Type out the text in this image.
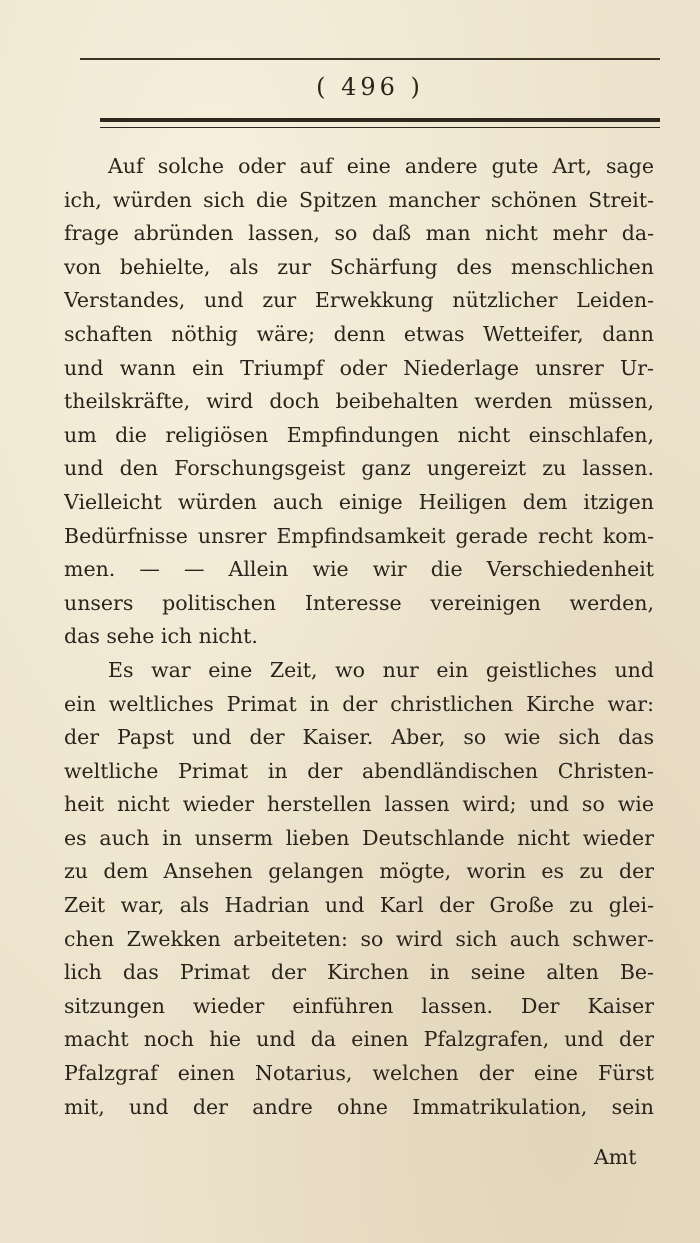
( 496 )
Auf solche oder auf eine andere gute Art, sage
ich, würden sich die Spitzen mancher schönen Streit-
frage abründen lassen, so daß man nicht mehr da-
von behielte, als zur Schärfung des menschlichen
Verstandes, und zur Erwekkung nützlicher Leiden-
schaften nöthig wäre; denn etwas Wetteifer, dann
und wann ein Triumpf oder Niederlage unsrer Ur-
theilskräfte, wird doch beibehalten werden müssen,
um die religiösen Empfindungen nicht einschlafen,
und den Forschungsgeist ganz ungereizt zu lassen.
Vielleicht würden auch einige Heiligen dem itzigen
Bedürfnisse unsrer Empfindsamkeit gerade recht kom-
men. — — Allein wie wir die Verschiedenheit
unsers politischen Interesse vereinigen werden,
das sehe ich nicht.
Es war eine Zeit, wo nur ein geistliches und
ein weltliches Primat in der christlichen Kirche war:
der Papst und der Kaiser. Aber, so wie sich das
weltliche Primat in der abendländischen Christen-
heit nicht wieder herstellen lassen wird; und so wie
es auch in unserm lieben Deutschlande nicht wieder
zu dem Ansehen gelangen mögte, worin es zu der
Zeit war, als Hadrian und Karl der Große zu glei-
chen Zwekken arbeiteten: so wird sich auch schwer-
lich das Primat der Kirchen in seine alten Be-
sitzungen wieder einführen lassen. Der Kaiser
macht noch hie und da einen Pfalzgrafen, und der
Pfalzgraf einen Notarius, welchen der eine Fürst
mit, und der andre ohne Immatrikulation, sein
Amt
